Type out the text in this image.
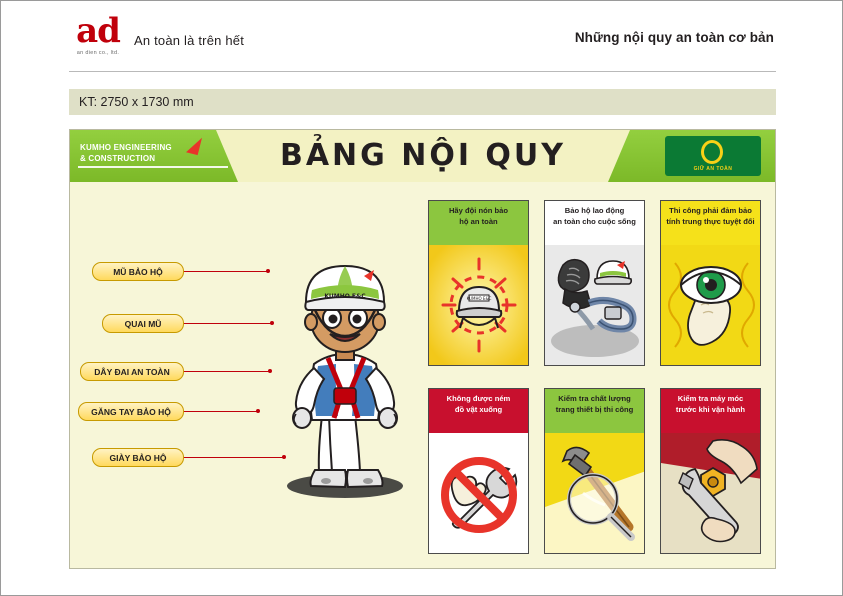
ad
an dien co., ltd.
An toàn là trên hết	Những nội quy an toàn cơ bản
KT: 2750 x 1730 mm
KUMHO ENGINEERING
& CONSTRUCTION	BẢNG NỘI QUY	GIỮ AN TOÀN
KUMHO E&C
MŨ BẢO HỘ
QUAI MŨ
DÂY ĐAI AN TOÀN
GĂNG TAY BẢO HỘ
GIÀY BẢO HỘ
Hãy đội nón bảo
hộ an toàn
KUMHO E&C
Bảo hộ lao động
an toàn cho cuộc sống
Thi công phải đảm bảo
tính trung thực tuyệt đối
Không được ném
đồ vật xuống
Kiểm tra chất lượng
trang thiết bị thi công
Kiểm tra máy móc
trước khi vận hành
